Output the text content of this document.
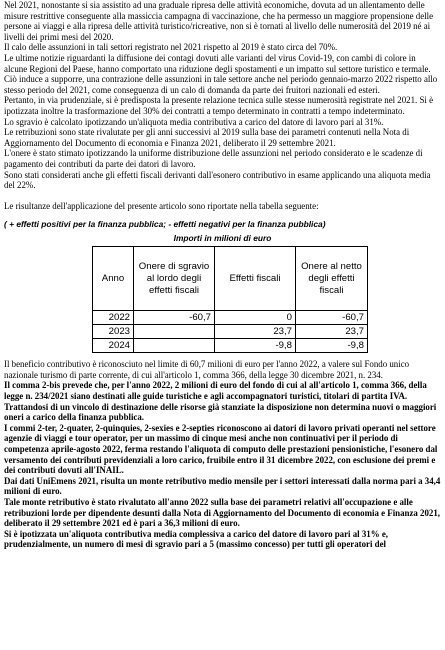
Nel 2021, nonostante si sia assistito ad una graduale ripresa delle attività economiche, dovuta ad un allentamento delle misure restrittive conseguente alla massiccia campagna di vaccinazione, che ha permesso un maggiore propensione delle persone ai viaggi e alla ripresa delle attività turistico/ricreative, non si è tornati al livello delle numerosità del 2019 né ai livelli dei primi mesi del 2020.

Il calo delle assunzioni in tali settori registrato nel 2021 rispetto al 2019 è stato circa del 70%.

Le ultime notizie riguardanti la diffusione dei contagi dovuti alle varianti del virus Covid-19, con cambi di colore in alcune Regioni del Paese, hanno comportato una riduzione degli spostamenti e un impatto sul settore turistico e termale. Ciò induce a supporre, una contrazione delle assunzioni in tale settore anche nel periodo gennaio-marzo 2022 rispetto allo stesso periodo del 2021, come conseguenza di un calo di domanda da parte dei fruitori nazionali ed esteri.

Pertanto, in via prudenziale, si è predisposta la presente relazione tecnica sulle stesse numerosità registrate nel 2021. Si è ipotizzata inoltre la trasformazione del 30% dei contratti a tempo determinato in contratti a tempo indeterminato.

Lo sgravio è calcolato ipotizzando un'aliquota media contributiva a carico del datore di lavoro pari al 31%.

Le retribuzioni sono state rivalutate per gli anni successivi al 2019 sulla base dei parametri contenuti nella Nota di Aggiornamento del Documento di economia e Finanza 2021, deliberato il 29 settembre 2021.

L'onere è stato stimato ipotizzando la uniforme distribuzione delle assunzioni nel periodo considerato e le scadenze di pagamento dei contributi da parte dei datori di lavoro.

Sono stati considerati anche gli effetti fiscali derivanti dall'esonero contributivo in esame applicando una aliquota media del 22%.

Le risultanze dell'applicazione del presente articolo sono riportate nella tabella seguente:

( + effetti positivi per la finanza pubblica; - effetti negativi per la finanza pubblica)
Importi in milioni di euro
Anno	Onere di sgravio al lordo degli effetti fiscali	Effetti fiscali	Onere al netto degli effetti fiscali
2022	-60,7	0	-60,7
2023		23,7	23,7
2024		-9,8	-9,8

Il beneficio contributivo è riconosciuto nel limite di 60,7 milioni di euro per l'anno 2022, a valere sul Fondo unico nazionale turismo di parte corrente, di cui all'articolo 1, comma 366, della legge 30 dicembre 2021, n. 234.

Il comma 2-bis prevede che, per l'anno 2022, 2 milioni di euro del fondo di cui al all'articolo 1, comma 366, della legge n. 234/2021 siano destinati alle guide turistiche e agli accompagnatori turistici, titolari di partita IVA. Trattandosi di un vincolo di destinazione delle risorse già stanziate la disposizione non determina nuovi o maggiori oneri a carico della finanza pubblica.

I commi 2-ter, 2-quater, 2-quinquies, 2-sexies e 2-septies riconoscono ai datori di lavoro privati operanti nel settore agenzie di viaggi e tour operator, per un massimo di cinque mesi anche non continuativi per il periodo di competenza aprile-agosto 2022, ferma restando l'aliquota di computo delle prestazioni pensionistiche, l'esonero dal versamento dei contributi previdenziali a loro carico, fruibile entro il 31 dicembre 2022, con esclusione dei premi e dei contributi dovuti all'INAIL.

Dai dati UniEmens 2021, risulta un monte retributivo medio mensile per i settori interessati dalla norma pari a 34,4 milioni di euro.

Tale monte retributivo è stato rivalutato all'anno 2022 sulla base dei parametri relativi all'occupazione e alle retribuzioni lorde per dipendente desunti dalla Nota di Aggiornamento del Documento di economia e Finanza 2021, deliberato il 29 settembre 2021 ed è pari a 36,3 milioni di euro.

Si è ipotizzata un'aliquota contributiva media complessiva a carico del datore di lavoro pari al 31% e, prudenzialmente, un numero di mesi di sgravio pari a 5 (massimo concesso) per tutti gli operatori del
